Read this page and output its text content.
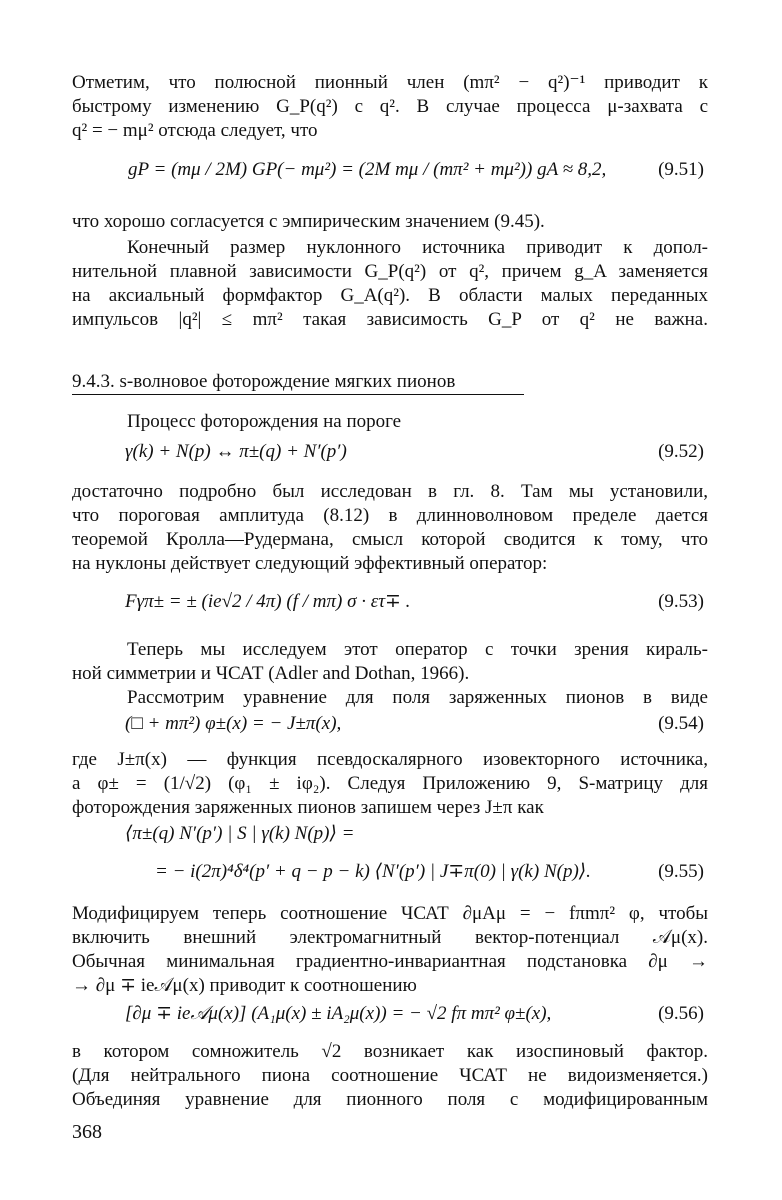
Отметим, что полюсной пионный член (mπ² − q²)⁻¹ приводит к
быстрому изменению G_P(q²) с q². В случае процесса μ-захвата с
q² = − mμ² отсюда следует, что
gP = (mμ / 2M) GP(− mμ²) = (2M mμ / (mπ² + mμ²)) gA ≈ 8,2,	(9.51)
что хорошо согласуется с эмпирическим значением (9.45).
Конечный размер нуклонного источника приводит к допол-
нительной плавной зависимости G_P(q²) от q², причем g_A заменяется
на аксиальный формфактор G_A(q²). В области малых переданных
импульсов |q²| ≤ mπ² такая зависимость G_P от q² не важна.
9.4.3. s-волновое фоторождение мягких пионов
Процесс фоторождения на пороге
γ(k) + N(p) ↔ π±(q) + N′(p′)	(9.52)
достаточно подробно был исследован в гл. 8. Там мы установили,
что пороговая амплитуда (8.12) в длинноволновом пределе дается
теоремой Кролла—Рудермана, смысл которой сводится к тому, что
на нуклоны действует следующий эффективный оператор:
Fγπ± = ± (ie√2 / 4π) (f / mπ) σ · ετ∓ .	(9.53)
Теперь мы исследуем этот оператор с точки зрения кираль-
ной симметрии и ЧСАТ (Adler and Dothan, 1966).
Рассмотрим уравнение для поля заряженных пионов в виде
(□ + mπ²) φ±(x) = − J±π(x),	(9.54)
где J±π(x) — функция псевдоскалярного изовекторного источника,
а φ± = (1/√2) (φ₁ ± iφ₂). Следуя Приложению 9, S-матрицу для
фоторождения заряженных пионов запишем через J±π как
⟨π±(q) N′(p′) | S | γ(k) N(p)⟩ =
= − i(2π)⁴δ⁴(p′ + q − p − k) ⟨N′(p′) | J∓π(0) | γ(k) N(p)⟩.	(9.55)
Модифицируем теперь соотношение ЧСАТ ∂μAμ = − fπmπ² φ, чтобы
включить внешний электромагнитный вектор-потенциал 𝒜μ(x).
Обычная минимальная градиентно-инвариантная подстановка ∂μ →
→ ∂μ ∓ ie𝒜μ(x) приводит к соотношению
[∂μ ∓ ie𝒜μ(x)] (A₁μ(x) ± iA₂μ(x)) = − √2 fπ mπ² φ±(x),	(9.56)
в котором сомножитель √2 возникает как изоспиновый фактор.
(Для нейтрального пиона соотношение ЧСАТ не видоизменяется.)
Объединяя уравнение для пионного поля с модифицированным
368
